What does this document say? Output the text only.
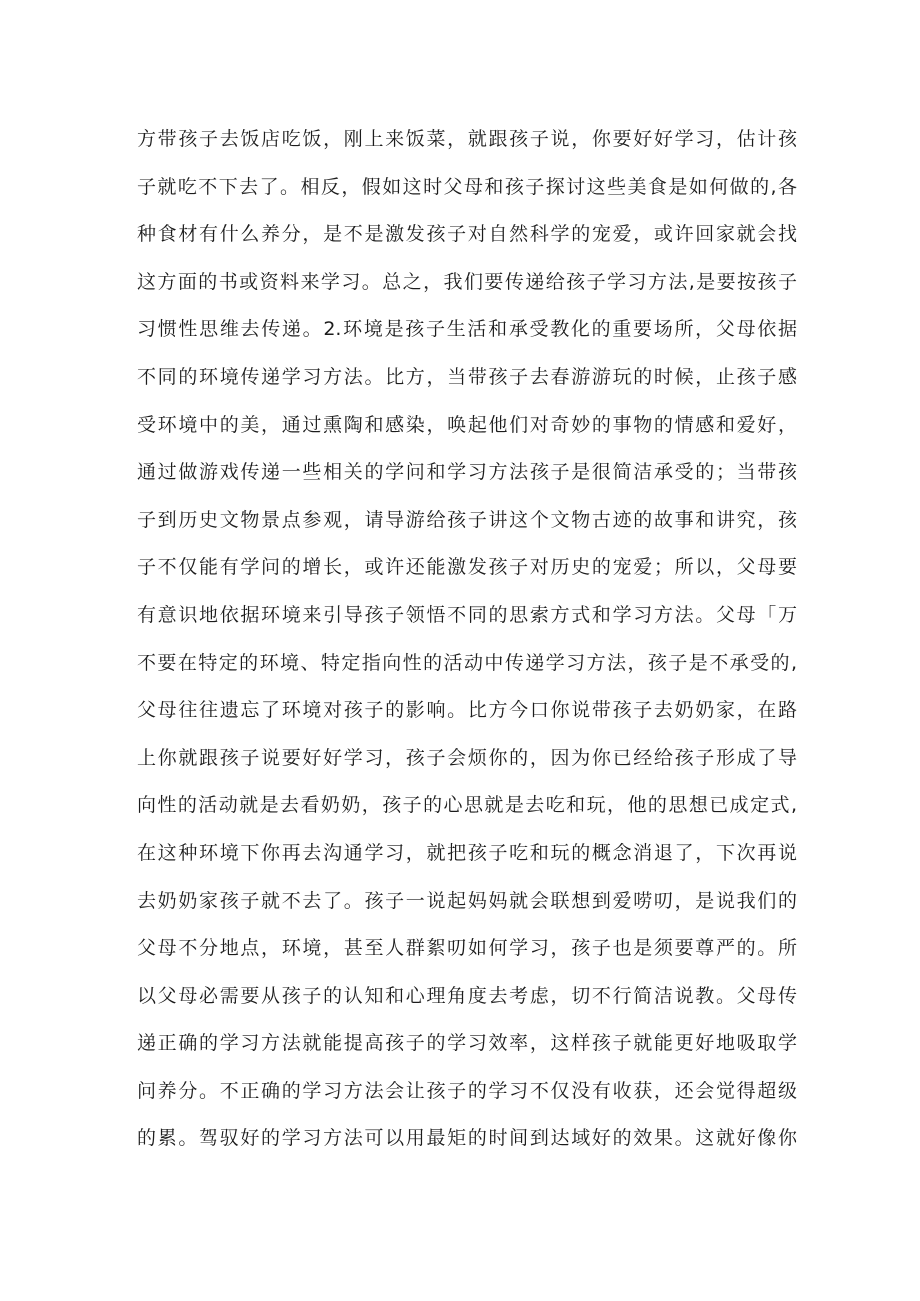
方带孩子去饭店吃饭，刚上来饭菜，就跟孩子说，你要好好学习，估计孩
子就吃不下去了。相反，假如这时父母和孩子探讨这些美食是如何做的,各
种食材有什么养分，是不是激发孩子对自然科学的宠爱，或许回家就会找
这方面的书或资料来学习。总之，我们要传递给孩子学习方法,是要按孩子
习惯性思维去传递。2.环境是孩子生活和承受教化的重要场所，父母依据
不同的环境传递学习方法。比方，当带孩子去春游游玩的时候，止孩子感
受环境中的美，通过熏陶和感染，唤起他们对奇妙的事物的情感和爱好，
通过做游戏传递一些相关的学问和学习方法孩子是很简洁承受的；当带孩
子到历史文物景点参观，请导游给孩子讲这个文物古迹的故事和讲究，孩
子不仅能有学问的增长，或许还能激发孩子对历史的宠爱；所以，父母要
有意识地依据环境来引导孩子领悟不同的思索方式和学习方法。父母「万
不要在特定的环境、特定指向性的活动中传递学习方法，孩子是不承受的,
父母往往遗忘了环境对孩子的影响。比方今口你说带孩子去奶奶家，在路
上你就跟孩子说要好好学习，孩子会烦你的，因为你已经给孩子形成了导
向性的活动就是去看奶奶，孩子的心思就是去吃和玩，他的思想已成定式,
在这种环境下你再去沟通学习，就把孩子吃和玩的概念消退了，下次再说
去奶奶家孩子就不去了。孩子一说起妈妈就会联想到爱唠叨，是说我们的
父母不分地点，环境，甚至人群絮叨如何学习，孩子也是须要尊严的。所
以父母必需要从孩子的认知和心理角度去考虑，切不行简洁说教。父母传
递正确的学习方法就能提高孩子的学习效率，这样孩子就能更好地吸取学
问养分。不正确的学习方法会让孩子的学习不仅没有收获，还会觉得超级
的累。驾驭好的学习方法可以用最矩的时间到达域好的效果。这就好像你
